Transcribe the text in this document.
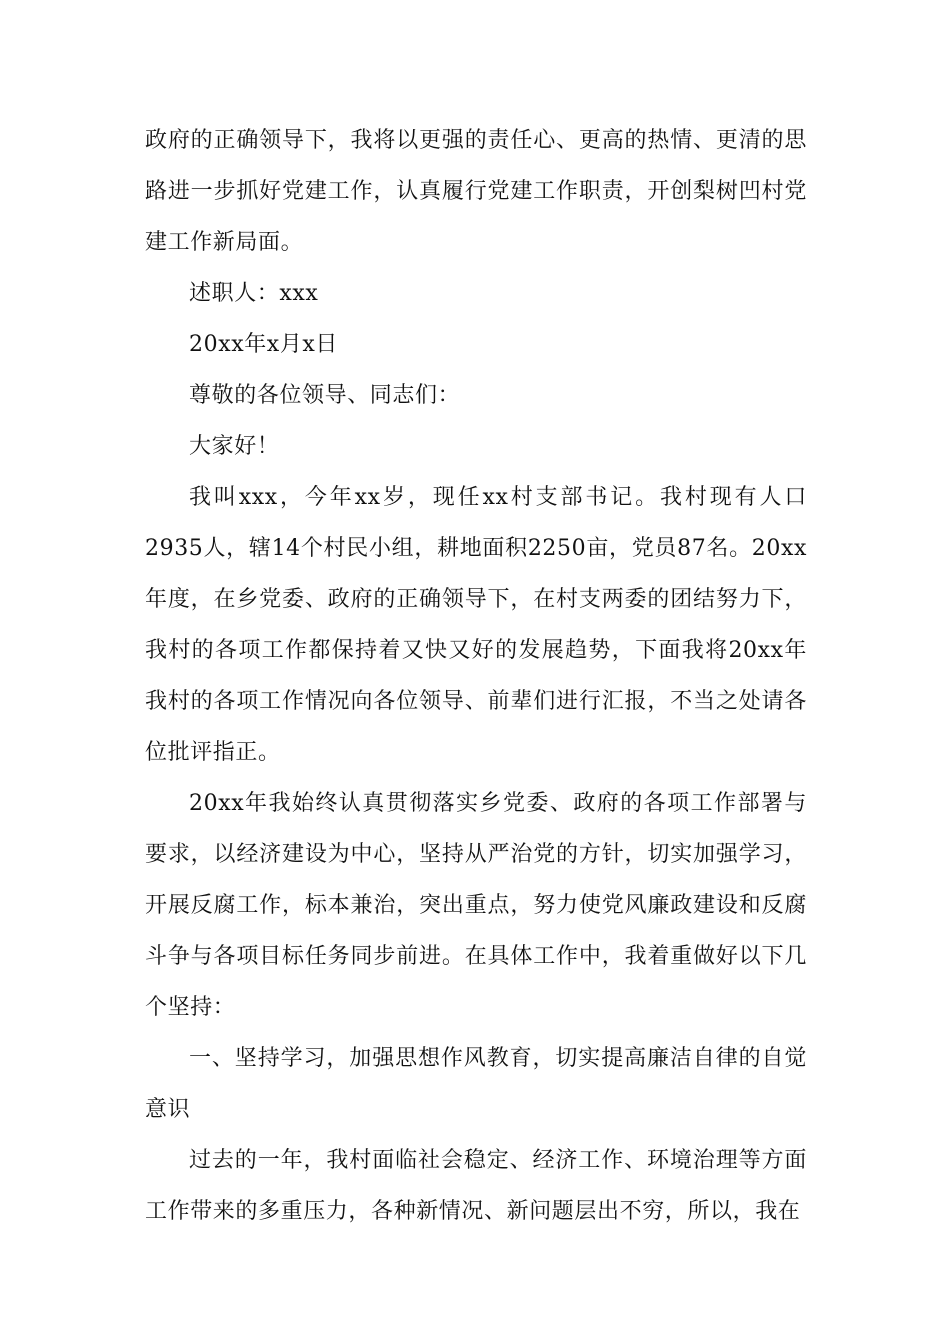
政府的正确领导下，我将以更强的责任心、更高的热情、更清的思路进一步抓好党建工作，认真履行党建工作职责，开创梨树凹村党建工作新局面。

述职人：xxx

20xx年x月x日

尊敬的各位领导、同志们：

大家好！

我叫xxx，今年xx岁，现任xx村支部书记。我村现有人口2935人，辖14个村民小组，耕地面积2250亩，党员87名。20xx年度，在乡党委、政府的正确领导下，在村支两委的团结努力下，我村的各项工作都保持着又快又好的发展趋势，下面我将20xx年我村的各项工作情况向各位领导、前辈们进行汇报，不当之处请各位批评指正。

20xx年我始终认真贯彻落实乡党委、政府的各项工作部署与要求，以经济建设为中心，坚持从严治党的方针，切实加强学习，开展反腐工作，标本兼治，突出重点，努力使党风廉政建设和反腐斗争与各项目标任务同步前进。在具体工作中，我着重做好以下几个坚持：

一、坚持学习，加强思想作风教育，切实提高廉洁自律的自觉意识

过去的一年，我村面临社会稳定、经济工作、环境治理等方面工作带来的多重压力，各种新情况、新问题层出不穷，所以，我在
